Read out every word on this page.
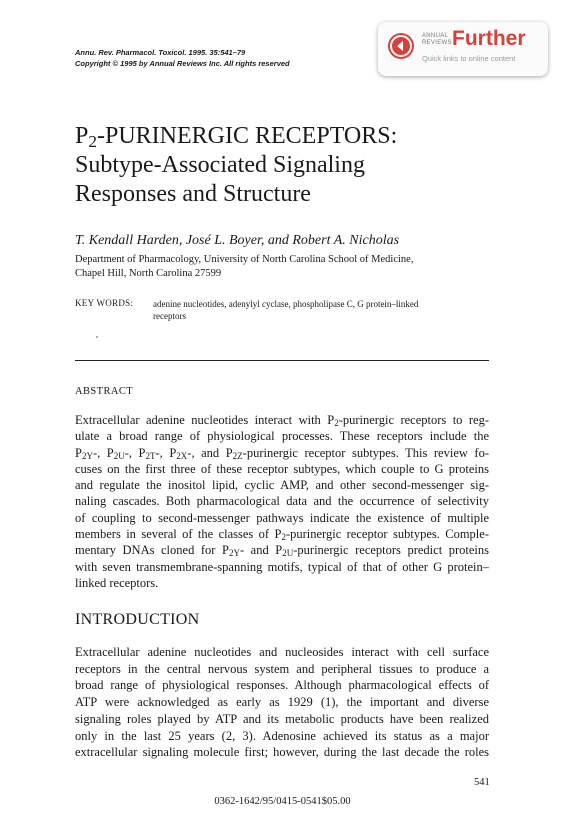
Annu. Rev. Pharmacol. Toxicol. 1995. 35:541–79
Copyright © 1995 by Annual Reviews Inc. All rights reserved
ANNUAL
REVIEWS Further
Quick links to online content
$P_2$-PURINERGIC RECEPTORS:
Subtype-Associated Signaling
Responses and Structure
T. Kendall Harden, José L. Boyer, and Robert A. Nicholas
Department of Pharmacology, University of North Carolina School of Medicine,
Chapel Hill, North Carolina 27599
KEY WORDS: adenine nucleotides, adenylyl cyclase, phospholipase C, G protein–linked
receptors
ABSTRACT
Extracellular adenine nucleotides interact with $P_2$-purinergic receptors to reg-
ulate a broad range of physiological processes. These receptors include the
$P_{2Y}-$, $P_{2U}-$, $P_{2T}-$, $P_{2X}-$, and $P_{2Z}$-purinergic receptor subtypes. This review fo-
cuses on the first three of these receptor subtypes, which couple to G proteins
and regulate the inositol lipid, cyclic AMP, and other second-messenger sig-
naling cascades. Both pharmacological data and the occurrence of selectivity
of coupling to second-messenger pathways indicate the existence of multiple
members in several of the classes of $P_2$-purinergic receptor subtypes. Comple-
mentary DNAs cloned for $P_{2Y}-$ and $P_{2U}$-purinergic receptors predict proteins
with seven transmembrane-spanning motifs, typical of that of other G protein–
linked receptors.
INTRODUCTION
Extracellular adenine nucleotides and nucleosides interact with cell surface
receptors in the central nervous system and peripheral tissues to produce a
broad range of physiological responses. Although pharmacological effects of
ATP were acknowledged as early as 1929 (1), the important and diverse
signaling roles played by ATP and its metabolic products have been realized
only in the last 25 years (2, 3). Adenosine achieved its status as a major
extracellular signaling molecule first; however, during the last decade the roles
541
0362-1642/95/0415-0541$05.00
